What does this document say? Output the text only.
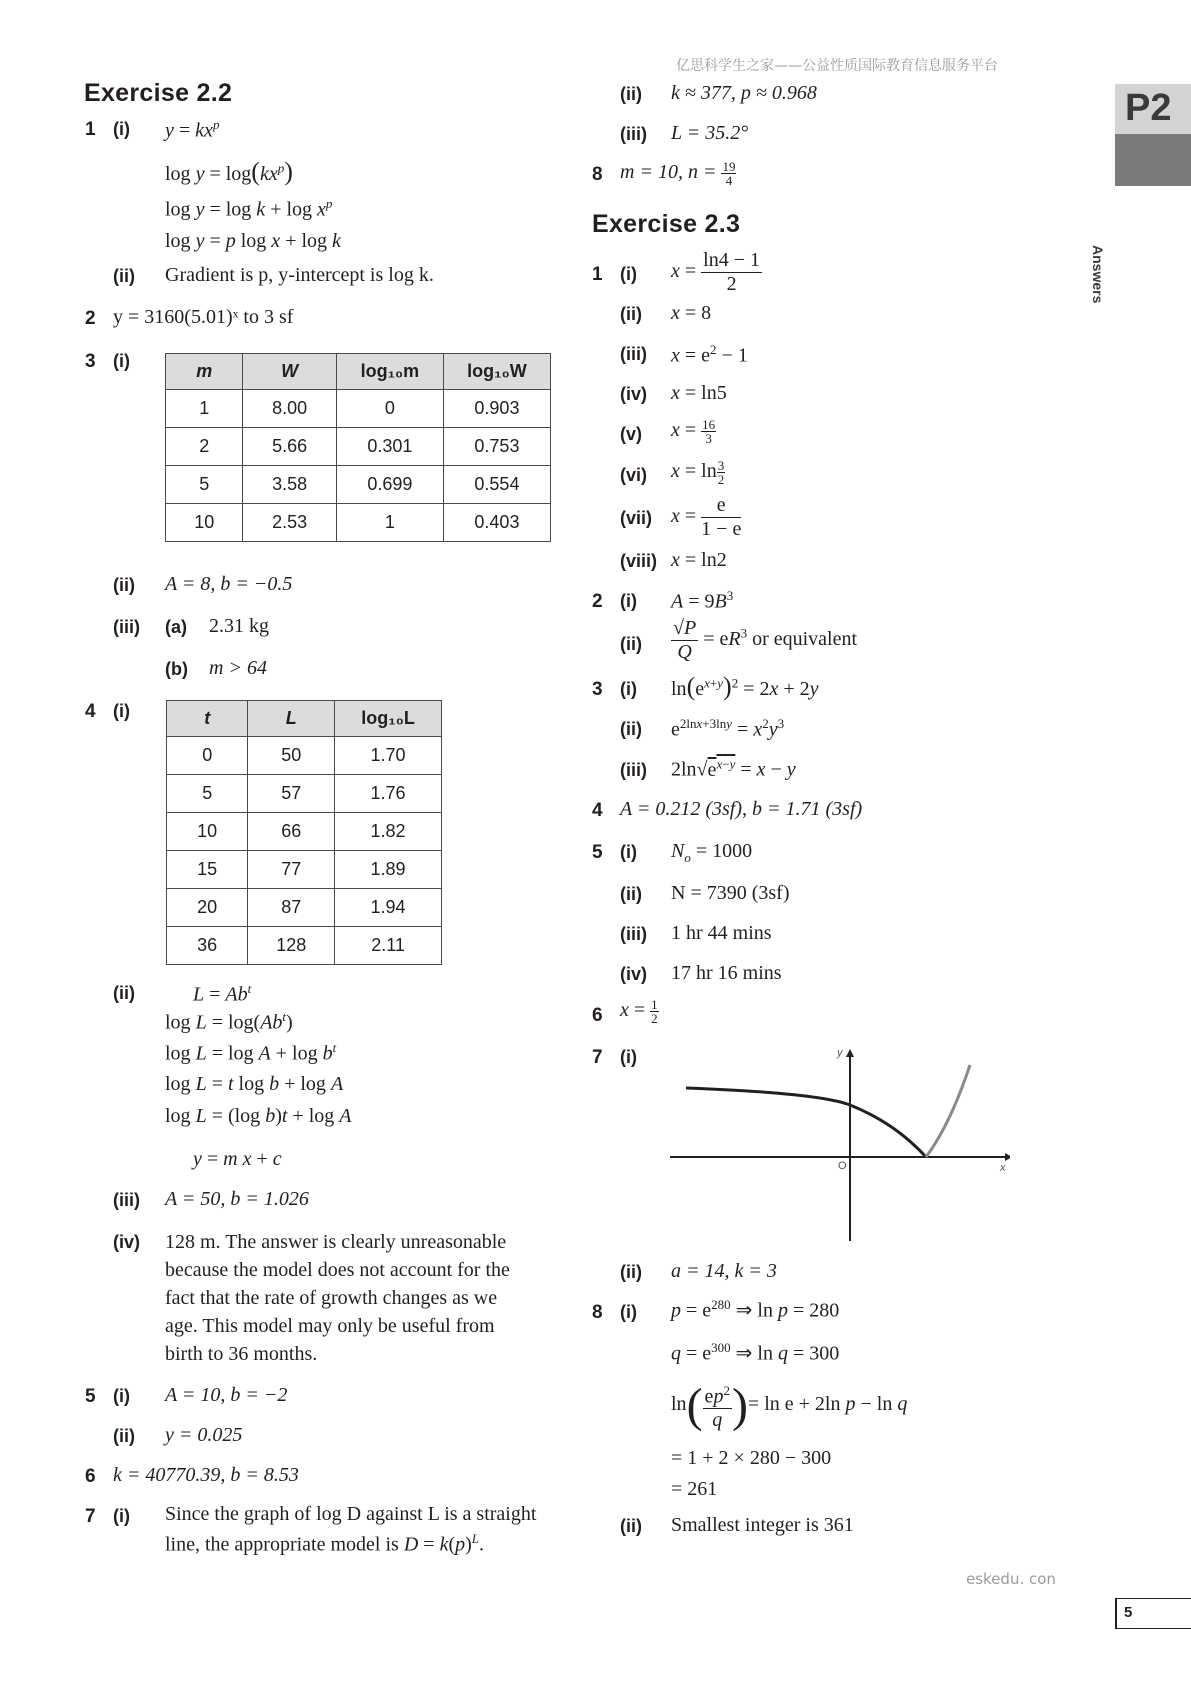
亿思科学生之家——公益性质国际教育信息服务平台
P2
Answers
Exercise 2.2
1 (i) $y = kx^p$
$\log y = \log(kx^p)$
$\log y = \log k + \log x^p$
log y = p log x + log k
(ii) Gradient is p, y-intercept is log k.
2 y = 3160(5.01)ˣ to 3 sf
3 (i)	m	W	log₁₀m	log₁₀W
1	8.00	0	0.903
2	5.66	0.301	0.753
5	3.58	0.699	0.554
10	2.53	1	0.403
(ii) A = 8, b = −0.5
(iii) (a) 2.31 kg
(b) m > 64
4 (i)	t	L	log₁₀L
0	50	1.70
5	57	1.76
10	66	1.82
15	77	1.89
20	87	1.94
36	128	2.11
(ii)	$L = Ab^t$
$\log L = \log(Ab^t)$
$\log L = \log A + \log b^t$
log L = t log b + log A
log L = (log b)t + log A
y = m x + c
(iii) A = 50, b = 1.026
(iv) 128 m. The answer is clearly unreasonable
because the model does not account for the
fact that the rate of growth changes as we
age. This model may only be useful from
birth to 36 months.
5 (i) A = 10, b = −2
(ii) y = 0.025
6 k = 40770.39, b = 8.53
7 (i) Since the graph of log D against L is a straight
line, the appropriate model is $D = k(p)^L$.
(ii) k ≈ 377, p ≈ 0.968
(iii) L = 35.2°
8 m = 10, $n = \frac{19}{4}$
Exercise 2.3
1 (i) $x = \frac{\ln 4 - 1}{2}$
(ii) x = 8
(iii) $x = e^2 - 1$
(iv) x = ln5
(v) $x = \frac{16}{3}$
(vi) $x = \ln \frac{3}{2}$
(vii) $x = \frac{e}{1 - e}$
(viii) x = ln2
2 (i) $A = 9B^3$
$(ii) \frac{√P}{Q} = eR^3$ or equivalent
3 (i) $\ln(e^{x+y})^2 = 2x + 2y$
(ii) $e^{2lnx+3lny} = x^2y^3$
(iii) $2\ln√e^{x-y} = x - y$
4 A = 0.212 (3sf), b = 1.71 (3sf)
5 (i) $N_o = 1000$
(ii) N = 7390 (3sf)
(iii) 1 hr 44 mins
(iv) 17 hr 16 mins
6 $x = \frac{1}{2}$
7 (i)	y
x
O
(ii) a = 14, k = 3
8 (i) $p = e^{280}$ ⇒ ln p = 280
$q = e^{300}$ ⇒ ln q = 300
$\ln( \frac{ep^2}{q}$ )= ln e + 2ln p − ln q
= 1 + 2 × 280 − 300
= 261
(ii) Smallest integer is 361
eskedu. con
5
